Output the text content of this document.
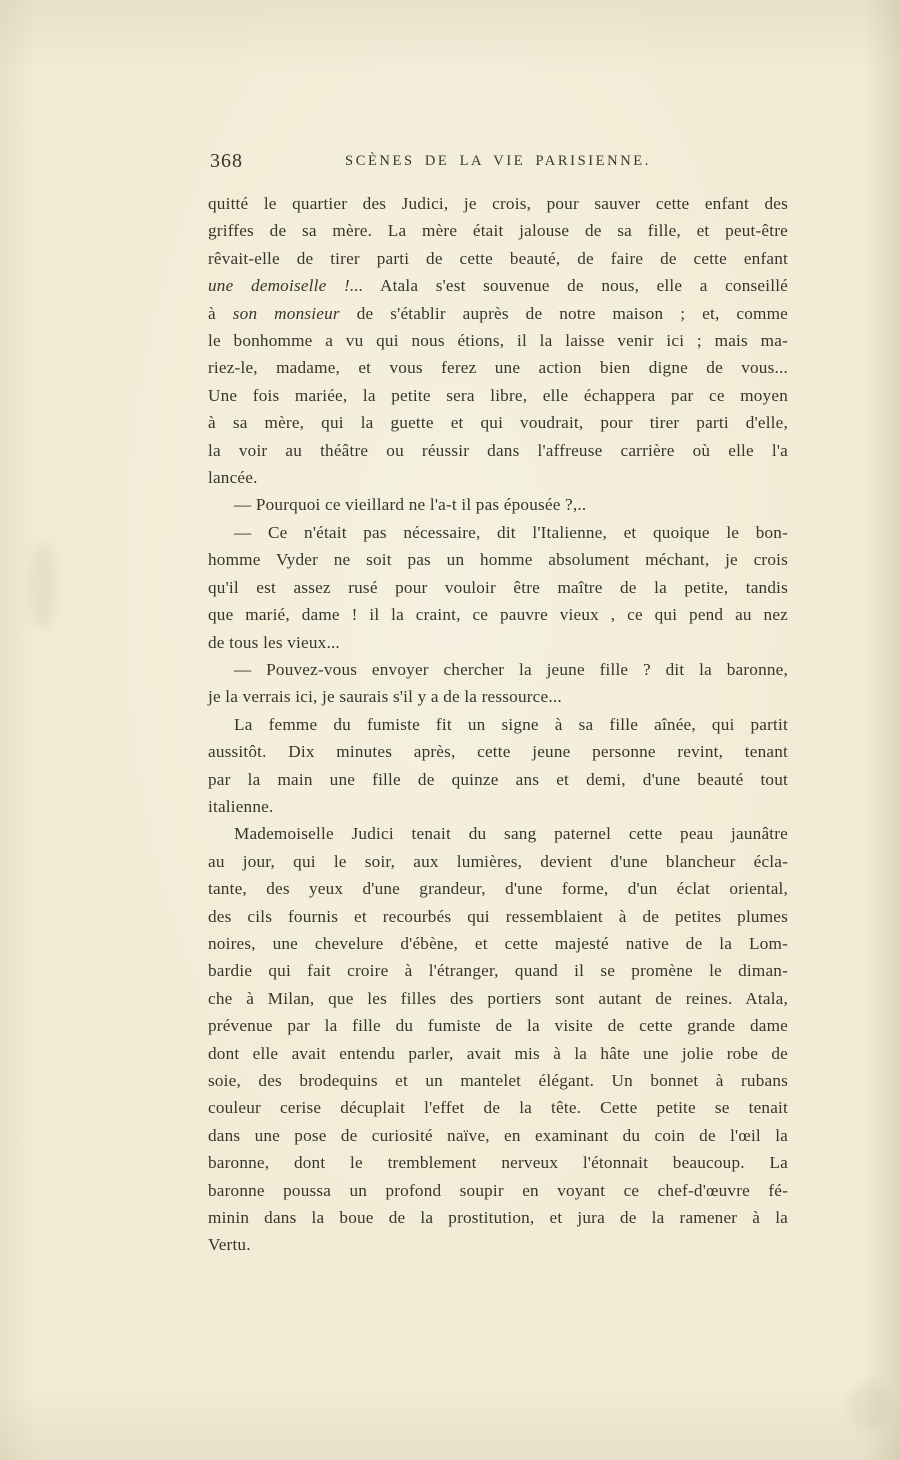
368	SCÈNES DE LA VIE PARISIENNE.
quitté le quartier des Judici, je crois, pour sauver cette enfant des
griffes de sa mère. La mère était jalouse de sa fille, et peut-être
rêvait-elle de tirer parti de cette beauté, de faire de cette enfant
une demoiselle !... Atala s'est souvenue de nous, elle a conseillé
à son monsieur de s'établir auprès de notre maison ; et, comme
le bonhomme a vu qui nous étions, il la laisse venir ici ; mais ma-
riez-le, madame, et vous ferez une action bien digne de vous...
Une fois mariée, la petite sera libre, elle échappera par ce moyen
à sa mère, qui la guette et qui voudrait, pour tirer parti d'elle,
la voir au théâtre ou réussir dans l'affreuse carrière où elle l'a
lancée.
— Pourquoi ce vieillard ne l'a-t il pas épousée ?,..
— Ce n'était pas nécessaire, dit l'Italienne, et quoique le bon-
homme Vyder ne soit pas un homme absolument méchant, je crois
qu'il est assez rusé pour vouloir être maître de la petite, tandis
que marié, dame ! il la craint, ce pauvre vieux , ce qui pend au nez
de tous les vieux...
— Pouvez-vous envoyer chercher la jeune fille ? dit la baronne,
je la verrais ici, je saurais s'il y a de la ressource...
La femme du fumiste fit un signe à sa fille aînée, qui partit
aussitôt. Dix minutes après, cette jeune personne revint, tenant
par la main une fille de quinze ans et demi, d'une beauté tout
italienne.
Mademoiselle Judici tenait du sang paternel cette peau jaunâtre
au jour, qui le soir, aux lumières, devient d'une blancheur écla-
tante, des yeux d'une grandeur, d'une forme, d'un éclat oriental,
des cils fournis et recourbés qui ressemblaient à de petites plumes
noires, une chevelure d'ébène, et cette majesté native de la Lom-
bardie qui fait croire à l'étranger, quand il se promène le diman-
che à Milan, que les filles des portiers sont autant de reines. Atala,
prévenue par la fille du fumiste de la visite de cette grande dame
dont elle avait entendu parler, avait mis à la hâte une jolie robe de
soie, des brodequins et un mantelet élégant. Un bonnet à rubans
couleur cerise décuplait l'effet de la tête. Cette petite se tenait
dans une pose de curiosité naïve, en examinant du coin de l'œil la
baronne, dont le tremblement nerveux l'étonnait beaucoup. La
baronne poussa un profond soupir en voyant ce chef-d'œuvre fé-
minin dans la boue de la prostitution, et jura de la ramener à la
Vertu.
